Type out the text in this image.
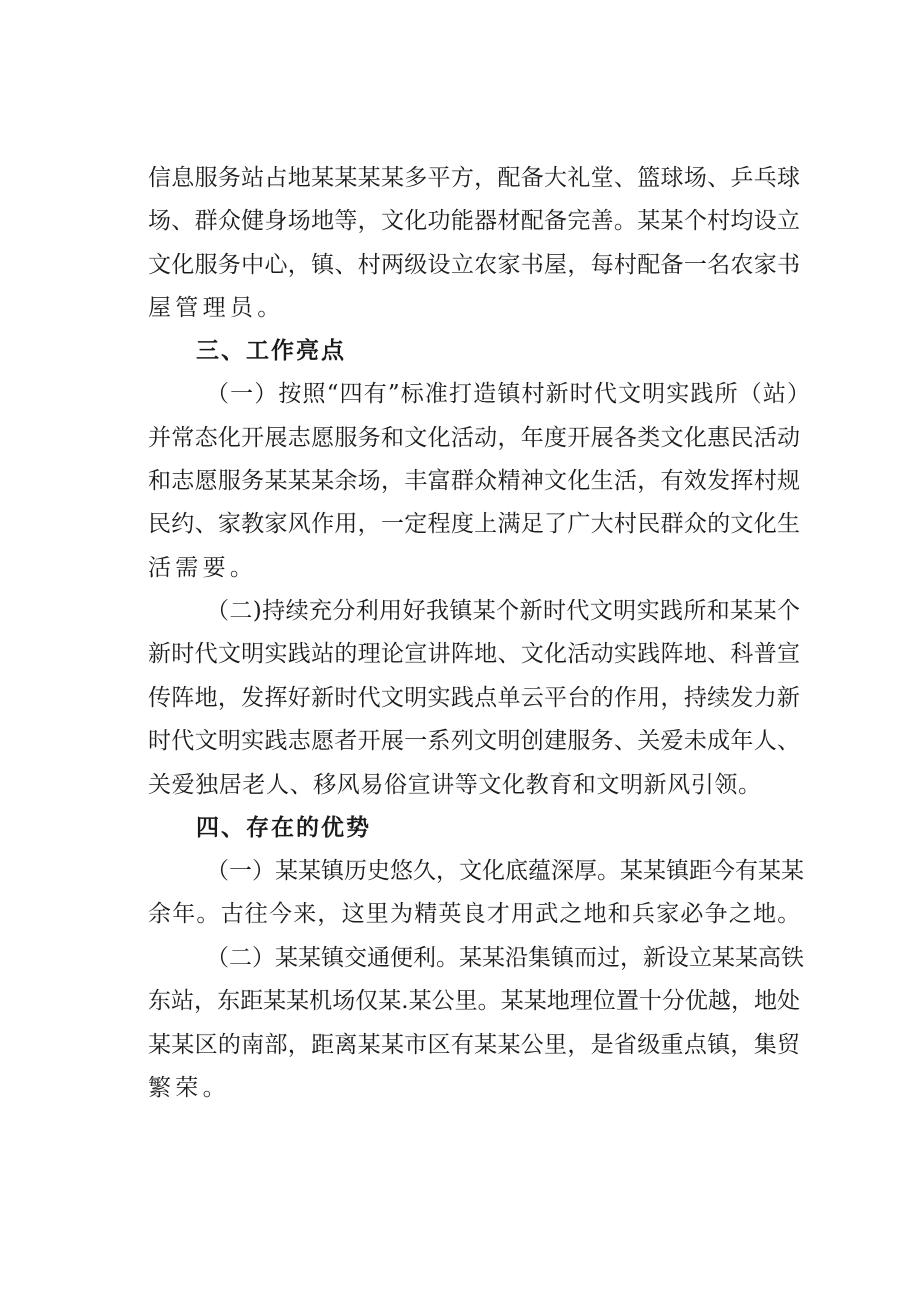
信息服务站占地某某某某多平方，配备大礼堂、篮球场、乒乓球
场、群众健身场地等，文化功能器材配备完善。某某个村均设立
文化服务中心，镇、村两级设立农家书屋，每村配备一名农家书
屋管理员。
三、工作亮点
（一）按照“四有”标准打造镇村新时代文明实践所（站）
并常态化开展志愿服务和文化活动，年度开展各类文化惠民活动
和志愿服务某某某余场，丰富群众精神文化生活，有效发挥村规
民约、家教家风作用，一定程度上满足了广大村民群众的文化生
活需要。
（二)持续充分利用好我镇某个新时代文明实践所和某某个
新时代文明实践站的理论宣讲阵地、文化活动实践阵地、科普宣
传阵地，发挥好新时代文明实践点单云平台的作用，持续发力新
时代文明实践志愿者开展一系列文明创建服务、关爱未成年人、
关爱独居老人、移风易俗宣讲等文化教育和文明新风引领。
四、存在的优势
（一）某某镇历史悠久，文化底蕴深厚。某某镇距今有某某
余年。古往今来，这里为精英良才用武之地和兵家必争之地。
（二）某某镇交通便利。某某沿集镇而过，新设立某某高铁
东站，东距某某机场仅某.某公里。某某地理位置十分优越，地处
某某区的南部，距离某某市区有某某公里，是省级重点镇，集贸
繁荣。
